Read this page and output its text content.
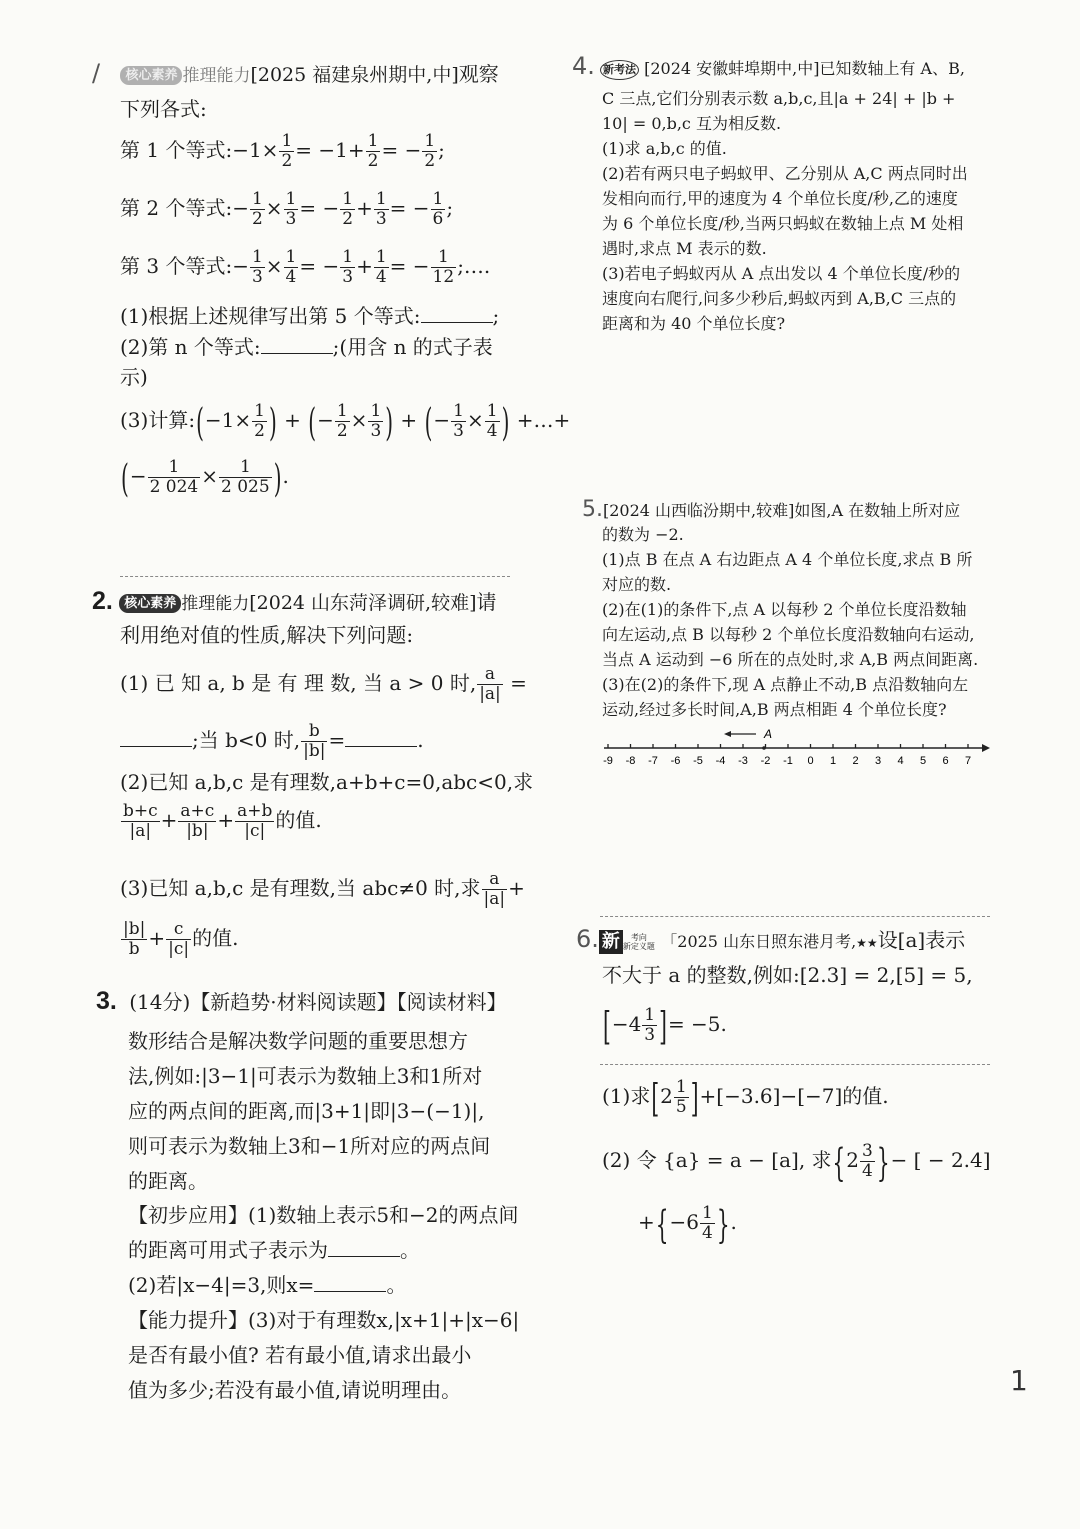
/ 核心素养 推理能力[2025 福建泉州期中,中]观察
下列各式:
第 1 个等式:−1× $\frac{1}{2} = -1+ \frac{1}{2}$ = − $\frac{1}{2}$ ;
第 2 个等式:− $\frac{1}{2} \times \frac{1}{3}$ = − $\frac{1}{2} + \frac{1}{3}$ = − $\frac{1}{6}$ ;
第 3 个等式:− $\frac{1}{3} \times \frac{1}{4}$ = − $\frac{1}{3} + \frac{1}{4}$ = − $\frac{1}{12}$ ;….
(1)根据上述规律写出第 5 个等式:	;
(2)第 n 个等式:	;(用含 n 的式子表
示)
(3)计算:(−1× $\frac{1}{2}$ ) + (− $\frac{1}{2} \times \frac{1}{3}$ ) + (− $\frac{1}{3} \times \frac{1}{4}$ ) +…+
(− $\frac{1}{2 024} \times \frac{1}{2 025}$ ).
2. 核心素养 推理能力[2024 山东菏泽调研,较难]请
利用绝对值的性质,解决下列问题:
(1) 已 知 a, b 是 有 理 数, 当 a > 0 时, $\frac{a}{|a|}$ =
;当 b<0 时, $\frac{b}{|b|}$ =	.
(2)已知 a,b,c 是有理数,a+b+c=0,abc<0,求
$\frac{b+c}{|a|} + \frac{a+c}{|b|} + \frac{a+b}{|c|}$ 的值.
(3)已知 a,b,c 是有理数,当 abc≠0 时,求 $\frac{a}{|a|}$ +
$\frac{|b|}{b} + \frac{c}{|c|}$ 的值.
3. (14分)【新趋势·材料阅读题】【阅读材料】
数形结合是解决数学问题的重要思想方
法,例如:|3−1|可表示为数轴上3和1所对
应的两点间的距离,而|3+1|即|3−(−1)|,
则可表示为数轴上3和−1所对应的两点间
的距离。
【初步应用】(1)数轴上表示5和−2的两点间
的距离可用式子表示为	。
(2)若|x−4|=3,则x=	。
【能力提升】(3)对于有理数x,|x+1|+|x−6|
是否有最小值? 若有最小值,请求出最小
值为多少;若没有最小值,请说明理由。
4. 新考法 [2024 安徽蚌埠期中,中]已知数轴上有 A、B,
C 三点,它们分别表示数 a,b,c,且|a + 24| + |b +
10| = 0,b,c 互为相反数.
(1)求 a,b,c 的值.
(2)若有两只电子蚂蚁甲、乙分别从 A,C 两点同时出
发相向而行,甲的速度为 4 个单位长度/秒,乙的速度
为 6 个单位长度/秒,当两只蚂蚁在数轴上点 M 处相
遇时,求点 M 表示的数.
(3)若电子蚂蚁丙从 A 点出发以 4 个单位长度/秒的
速度向右爬行,问多少秒后,蚂蚁丙到 A,B,C 三点的
距离和为 40 个单位长度?
5.[2024 山西临汾期中,较难]如图,A 在数轴上所对应
的数为 −2.
(1)点 B 在点 A 右边距点 A 4 个单位长度,求点 B 所
对应的数.
(2)在(1)的条件下,点 A 以每秒 2 个单位长度沿数轴
向左运动,点 B 以每秒 2 个单位长度沿数轴向右运动,
当点 A 运动到 −6 所在的点处时,求 A,B 两点间距离.
(3)在(2)的条件下,现 A 点静止不动,B 点沿数轴向左
运动,经过多长时间,A,B 两点相距 4 个单位长度?
-9 -8 -7 -6 -5 -4 -3 -2 -1 0 1 2 3 4 5 6 7
A
6. 新 考向
新定义题 「2025 山东日照东港月考,★★设[a]表示
不大于 a 的整数,例如:[2.3] = 2,[5] = 5,
[$-4 \frac{1}{3}$ ]= −5.
(1)求$[2 \frac{1}{5} ]+[-3.6]-[-7]$的值.
(2) 令 {a} = a − [a], 求{$2 \frac{3}{4}$ }− [ − 2.4]
$+\{-6 \frac{1}{4}$ }.
1
